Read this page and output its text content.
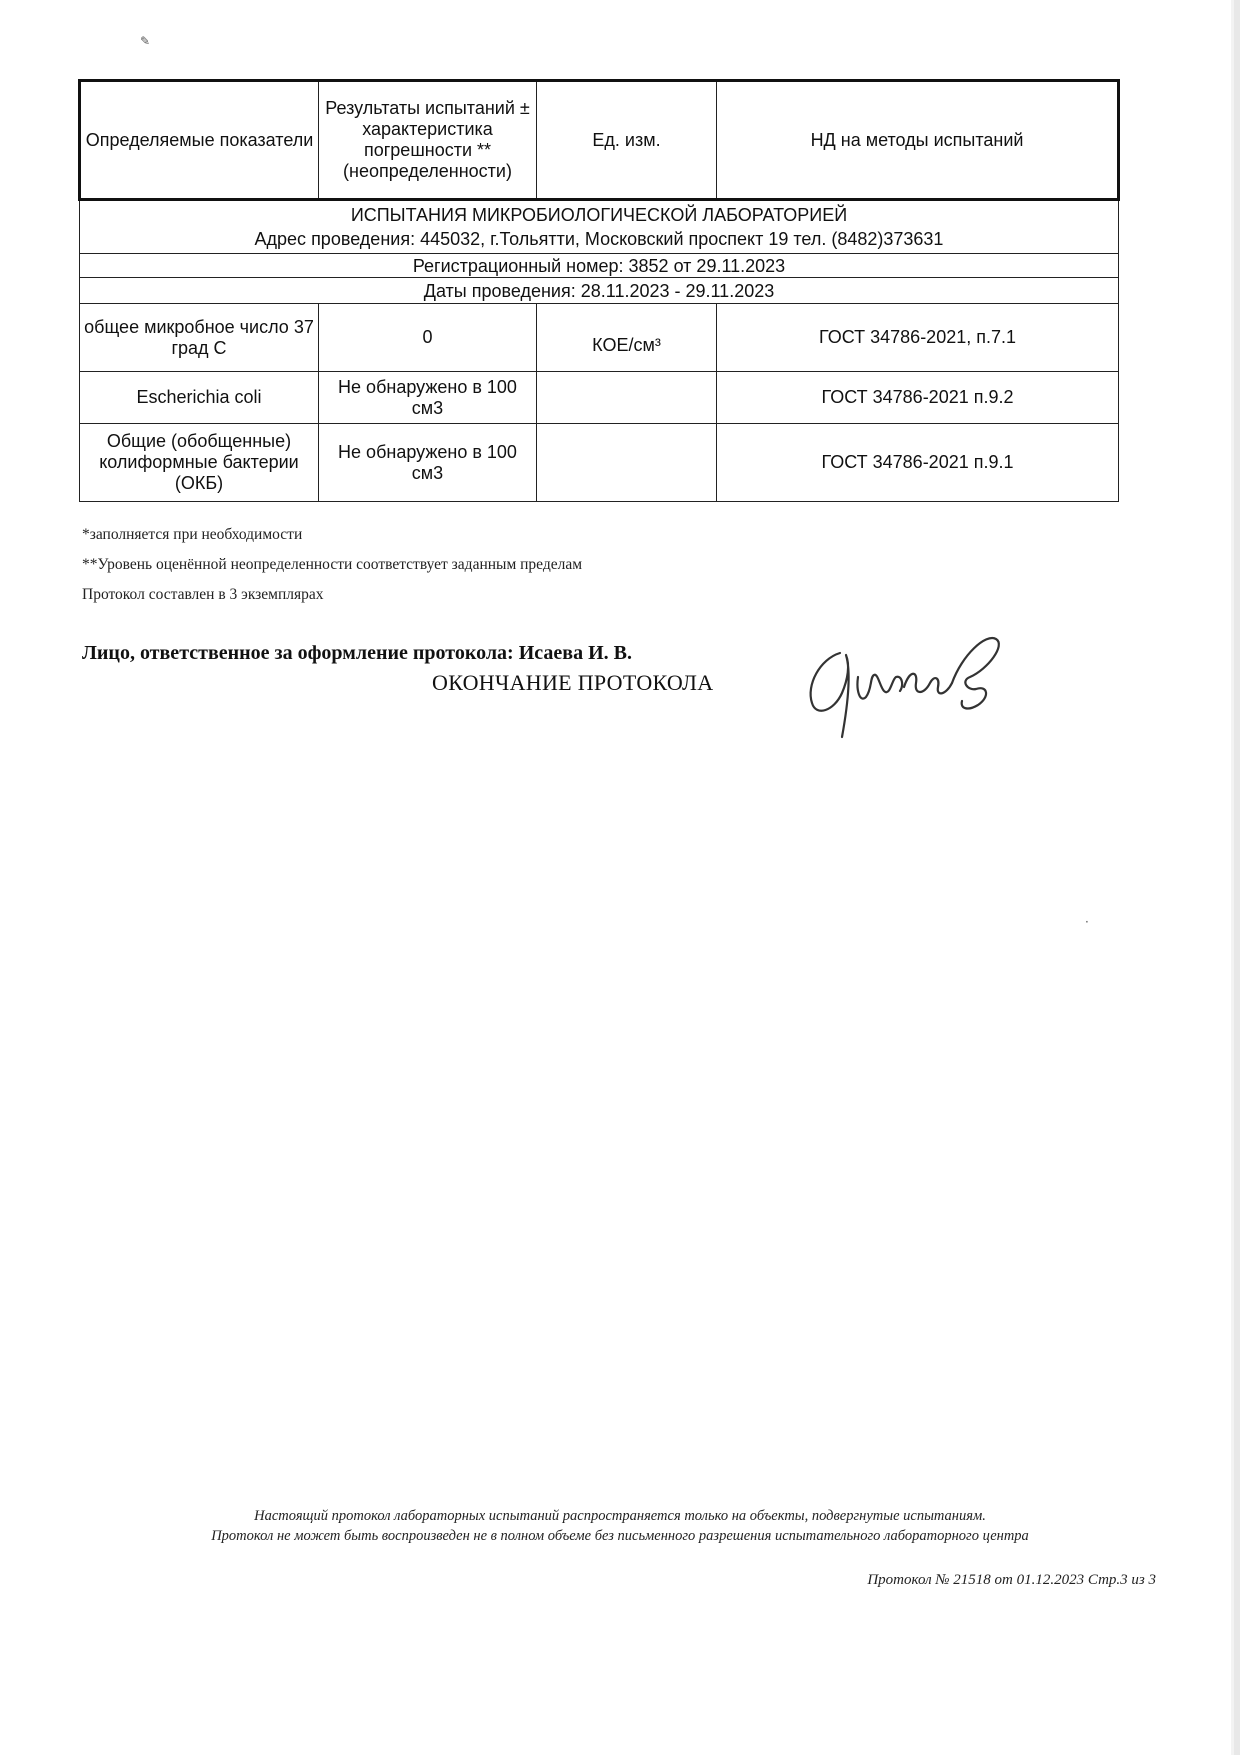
✎
·
Определяемые показатели	Результаты испытаний ± характеристика погрешности **(неопределенности)	Ед. изм.	НД на методы испытаний

ИСПЫТАНИЯ МИКРОБИОЛОГИЧЕСКОЙ ЛАБОРАТОРИЕЙ
Адрес проведения: 445032, г.Тольятти, Московский проспект 19 тел. (8482)373631			

Регистрационный номер: 3852 от 29.11.2023			
Даты проведения: 28.11.2023 - 29.11.2023			
общее микробное число 37 град С	0	КОЕ/см³	ГОСТ 34786-2021, п.7.1
Escherichia coli	Не обнаружено в 100 см3		ГОСТ 34786-2021 п.9.2
Общие (обобщенные) колиформные бактерии (ОКБ)	Не обнаружено в 100 см3		ГОСТ 34786-2021 п.9.1
*заполняется при необходимости
**Уровень оценённой неопределенности соответствует заданным пределам
Протокол составлен в 3 экземплярах
Лицо, ответственное за оформление протокола: Исаева И. В.
ОКОНЧАНИЕ ПРОТОКОЛА
Настоящий протокол лабораторных испытаний распространяется только на объекты, подвергнутые испытаниям.
Протокол не может быть воспроизведен не в полном объеме без письменного разрешения испытательного лабораторного центра
Протокол № 21518 от 01.12.2023 Стр.3 из 3
